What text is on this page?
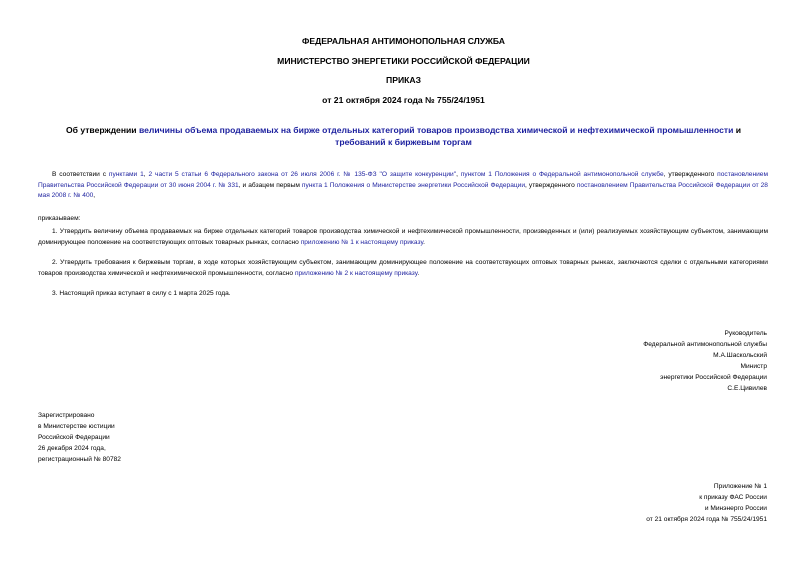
ФЕДЕРАЛЬНАЯ АНТИМОНОПОЛЬНАЯ СЛУЖБА
МИНИСТЕРСТВО ЭНЕРГЕТИКИ РОССИЙСКОЙ ФЕДЕРАЦИИ
ПРИКАЗ
от 21 октября 2024 года № 755/24/1951
Об утверждении величины объема продаваемых на бирже отдельных категорий товаров производства химической и нефтехимической промышленности и требований к биржевым торгам
В соответствии с пунктами 1, 2 части 5 статьи 6 Федерального закона от 26 июля 2006 г. № 135-ФЗ "О защите конкуренции", пунктом 1 Положения о Федеральной антимонопольной службе, утвержденного постановлением Правительства Российской Федерации от 30 июня 2004 г. № 331, и абзацем первым пункта 1 Положения о Министерстве энергетики Российской Федерации, утвержденного постановлением Правительства Российской Федерации от 28 мая 2008 г. № 400,
приказываем:
1. Утвердить величину объема продаваемых на бирже отдельных категорий товаров производства химической и нефтехимической промышленности, произведенных и (или) реализуемых хозяйствующим субъектом, занимающим доминирующее положение на соответствующих оптовых товарных рынках, согласно приложению № 1 к настоящему приказу.
2. Утвердить требования к биржевым торгам, в ходе которых хозяйствующим субъектом, занимающим доминирующее положение на соответствующих оптовых товарных рынках, заключаются сделки с отдельными категориями товаров производства химической и нефтехимической промышленности, согласно приложению № 2 к настоящему приказу.
3. Настоящий приказ вступает в силу с 1 марта 2025 года.
Руководитель
Федеральной антимонопольной службы
М.А.Шаскольский
Министр
энергетики Российской Федерации
С.Е.Цивилев
Зарегистрировано
в Министерстве юстиции
Российской Федерации
26 декабря 2024 года,
регистрационный № 80782
Приложение № 1
к приказу ФАС России
и Минэнерго России
от 21 октября 2024 года № 755/24/1951
